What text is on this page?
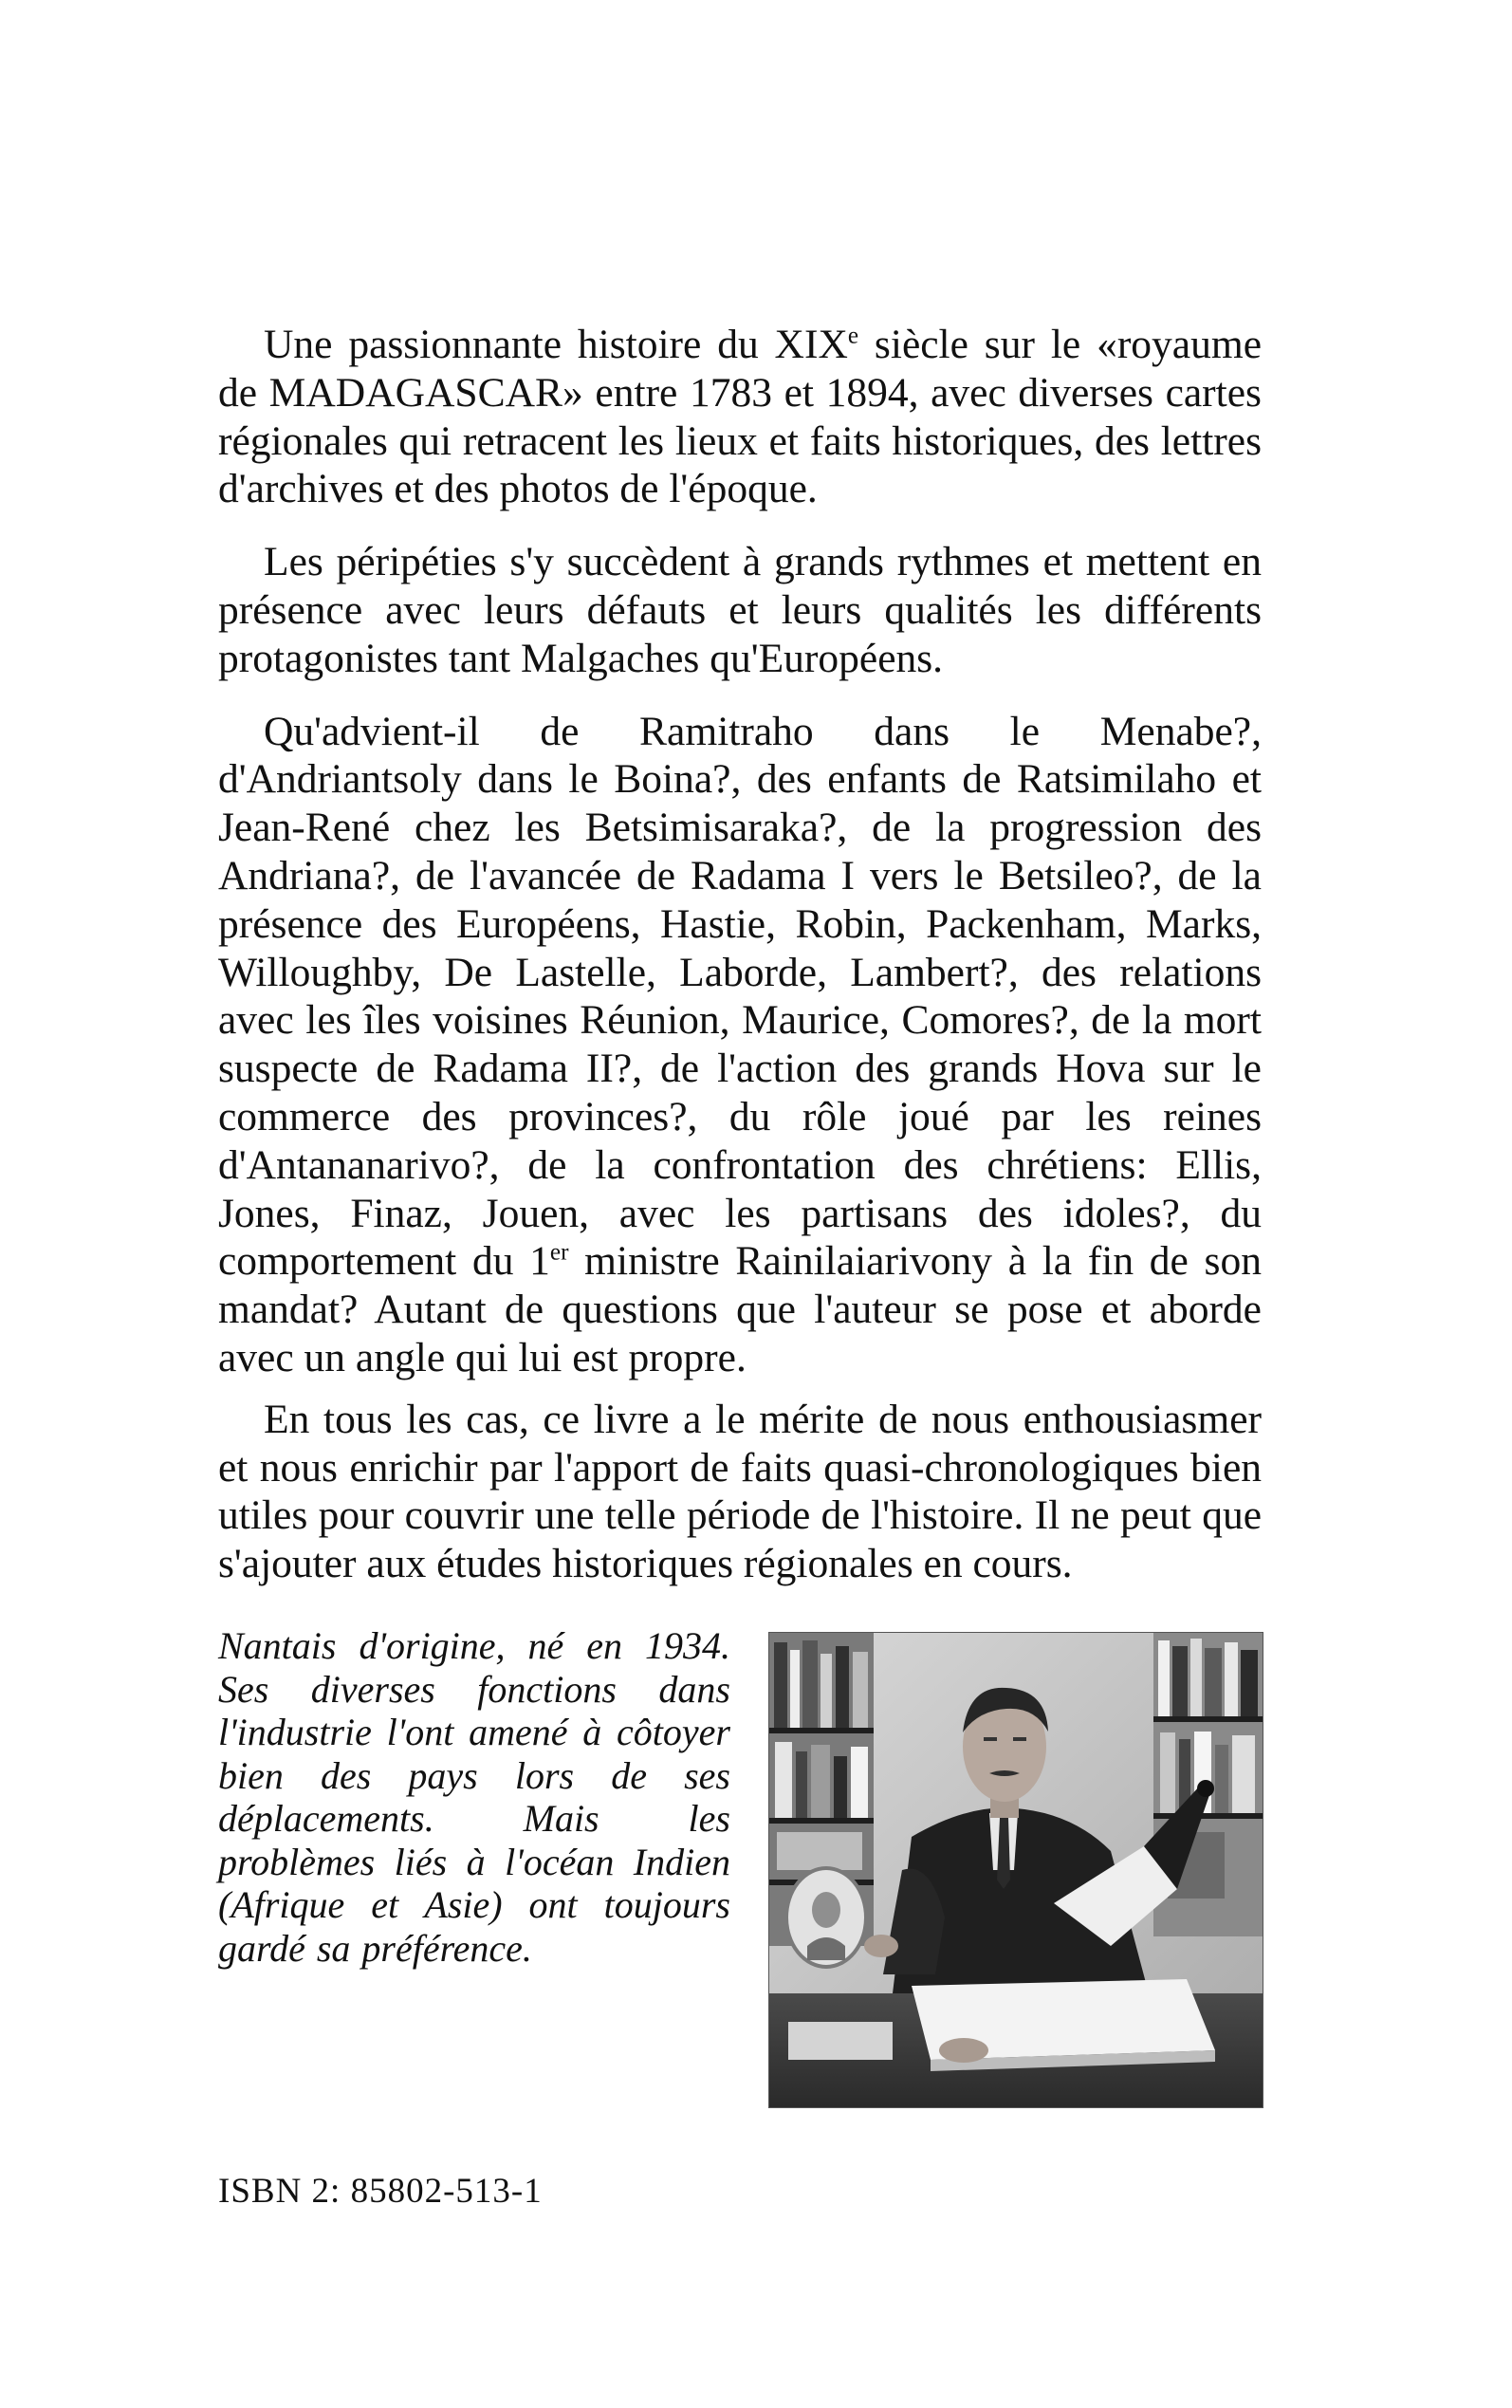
Une passionnante histoire du XIXe siècle sur le «royaume de MADAGASCAR» entre 1783 et 1894, avec diverses cartes régionales qui retracent les lieux et faits historiques, des lettres d'archives et des photos de l'époque.

Les péripéties s'y succèdent à grands rythmes et mettent en présence avec leurs défauts et leurs qualités les différents protagonistes tant Malgaches qu'Européens.

Qu'advient-il de Ramitraho dans le Menabe?, d'Andriantsoly dans le Boina?, des enfants de Ratsimilaho et Jean-René chez les Betsimisaraka?, de la progression des Andriana?, de l'avancée de Radama I vers le Betsileo?, de la présence des Européens, Hastie, Robin, Packenham, Marks, Willoughby, De Lastelle, Laborde, Lambert?, des relations avec les îles voisines Réunion, Maurice, Comores?, de la mort suspecte de Radama II?, de l'action des grands Hova sur le commerce des provinces?, du rôle joué par les reines d'Antananarivo?, de la confrontation des chrétiens: Ellis, Jones, Finaz, Jouen, avec les partisans des idoles?, du comportement du 1er ministre Rainilaiarivony à la fin de son mandat? Autant de questions que l'auteur se pose et aborde avec un angle qui lui est propre.

En tous les cas, ce livre a le mérite de nous enthousiasmer et nous enrichir par l'apport de faits quasi-chronologiques bien utiles pour couvrir une telle période de l'histoire. Il ne peut que s'ajouter aux études historiques régionales en cours.

Nantais d'origine, né en 1934. Ses diverses fonctions dans l'industrie l'ont amené à côtoyer bien des pays lors de ses déplacements. Mais les problèmes liés à l'océan Indien (Afrique et Asie) ont toujours gardé sa préférence.
ISBN 2: 85802-513-1
